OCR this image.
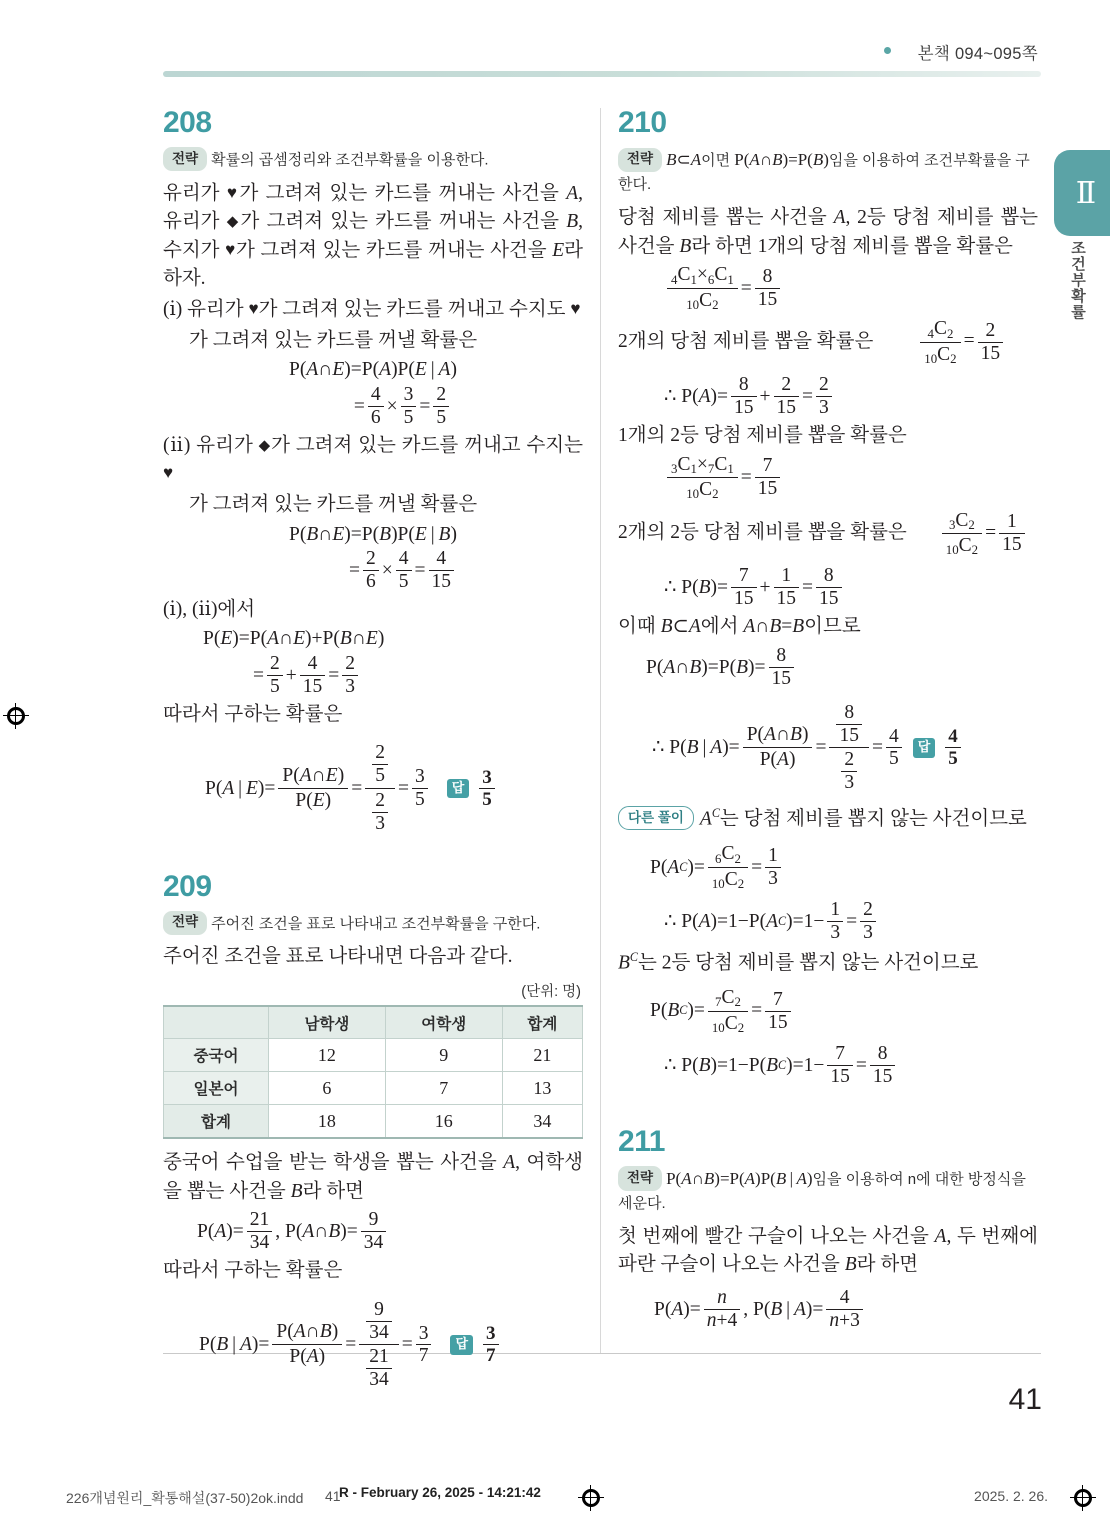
본책 094~095쪽
Ⅱ
조건부확률
208
전략 확률의 곱셈정리와 조건부확률을 이용한다.

유리가 ♥가 그려져 있는 카드를 꺼내는 사건을 A, 유리가 ◆가 그려져 있는 카드를 꺼내는 사건을 B, 수지가 ♥가 그려져 있는 카드를 꺼내는 사건을 E라 하자.

(ⅰ) 유리가 ♥가 그려져 있는 카드를 꺼내고 수지도 ♥

가 그려져 있는 카드를 꺼낼 확률은

P(A∩E)=P(A)P(E | A)
= $\frac{4}{6} \times \frac{3}{5} = \frac{2}{5}$

(ⅱ) 유리가 ◆가 그려져 있는 카드를 꺼내고 수지는 ♥

가 그려져 있는 카드를 꺼낼 확률은

P(B∩E)=P(B)P(E | B)
= $\frac{2}{6} \times \frac{4}{5} = \frac{4}{15}$

(ⅰ), (ⅱ)에서

P(E)=P(A∩E)+P(B∩E)
= $\frac{2}{5} + \frac{4}{15} = \frac{2}{3}$

따라서 구하는 확률은

P( A  |  E )= $\frac{P(A\cap E)}{P(E)} = \frac{\frac{2}{5}}{\frac{2}{3}} = \frac{3}{5}$	답 $\frac{3}{5}$
209
전략 주어진 조건을 표로 나타내고 조건부확률을 구한다.

주어진 조건을 표로 나타내면 다음과 같다.

(단위: 명)
	남학생	여학생	합계
중국어	12	9	21
일본어	6	7	13
합계	18	16	34

중국어 수업을 받는 학생을 뽑는 사건을 A, 여학생을 뽑는 사건을 B라 하면

P( A )= $\frac{21}{34}$ , P( A ∩ B )= $\frac{9}{34}$

따라서 구하는 확률은

P( B  |  A )= $\frac{P(A\cap B)}{P(A)} = \frac{\frac{9}{34}}{\frac{21}{34}} = \frac{3}{7}$	답 $\frac{3}{7}$
210
전략 B⊂A이면 P(A∩B)=P(B)임을 이용하여 조건부확률을 구한다.

당첨 제비를 뽑는 사건을 A, 2등 당첨 제비를 뽑는 사건을 B라 하면 1개의 당첨 제비를 뽑을 확률은

$\frac{_4C_1\times_6C_1}{_{10}C_2} = \frac{8}{15}$

2개의 당첨 제비를 뽑을 확률은	$\frac{_4C_2}{_{10}C_2} = \frac{2}{15}$
∴ P( A )= $\frac{8}{15} + \frac{2}{15} = \frac{2}{3}$

1개의 2등 당첨 제비를 뽑을 확률은

$\frac{_3C_1\times_7C_1}{_{10}C_2} = \frac{7}{15}$

2개의 2등 당첨 제비를 뽑을 확률은	$\frac{_3C_2}{_{10}C_2} = \frac{1}{15}$
∴ P( B )= $\frac{7}{15} + \frac{1}{15} = \frac{8}{15}$

이때 B⊂A에서 A∩B=B이므로

P( A ∩ B )=P( B )= $\frac{8}{15}$
∴ P( B  |  A )= $\frac{P(A\cap B)}{P(A)} = \frac{\frac{8}{15}}{\frac{2}{3}} = \frac{4}{5}$	답 $\frac{4}{5}$

다른 풀이 $A^C$는 당첨 제비를 뽑지 않는 사건이므로

P( A C )= $\frac{_6C_2}{_{10}C_2} = \frac{1}{3}$
∴ P( A )=1−P( A C )$=1- \frac{1}{3} = \frac{2}{3}$

$B^C$는 2등 당첨 제비를 뽑지 않는 사건이므로

P( B C )= $\frac{_7C_2}{_{10}C_2} = \frac{7}{15}$
∴ P( B )=1−P( B C )$=1- \frac{7}{15} = \frac{8}{15}$
211
전략 P(A∩B)=P(A)P(B | A)임을 이용하여 n에 대한 방정식을 세운다.

첫 번째에 빨간 구슬이 나오는 사건을 A, 두 번째에 파란 구슬이 나오는 사건을 B라 하면

P( A )= $\frac{n}{n+4}$ , P( B  |  A )= $\frac{4}{n+3}$
41
226개념원리_확통해설(37-50)2ok.indd 41
R - February 26, 2025 - 14:21:42	2025. 2. 26.
